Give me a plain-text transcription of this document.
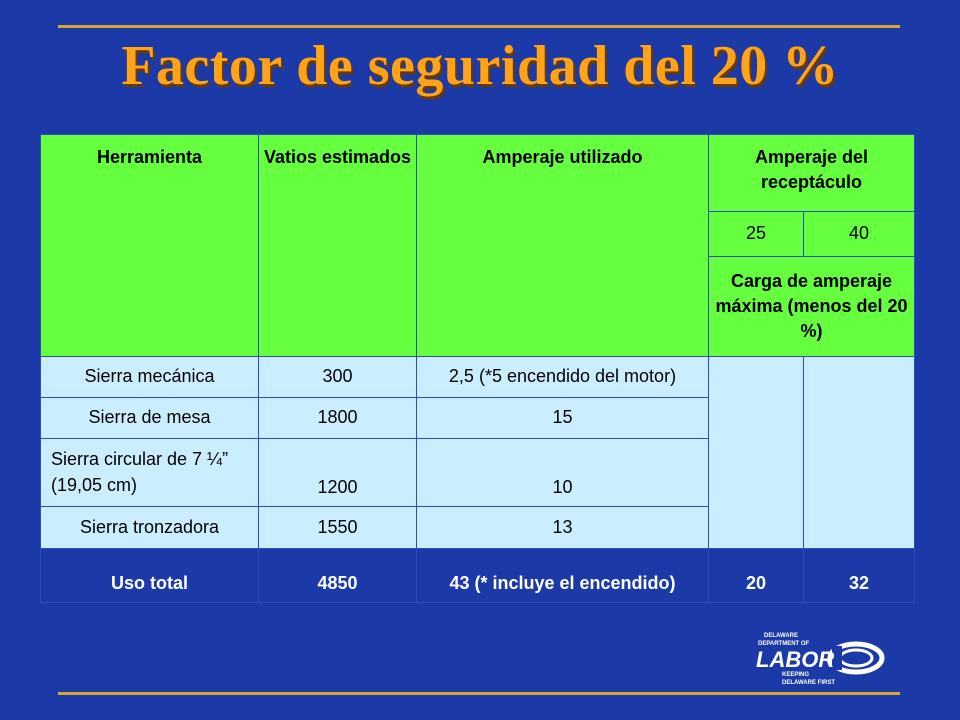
Factor de seguridad del 20 %
Herramienta	Vatios estimados	Amperaje utilizado	Amperaje del receptáculo	
			25	40
			Carga de amperaje máxima (menos del 20 %)	
Sierra mecánica	300	2,5 (*5 encendido del motor)		
Sierra de mesa	1800	15		
Sierra circular de 7 ¼” (19,05 cm)	1200	10		
Sierra tronzadora	1550	13		
Uso total	4850	43 (* incluye el encendido)	20	32
DELAWARE
DEPARTMENT OF
LABOR
KEEPING
DELAWARE FIRST
